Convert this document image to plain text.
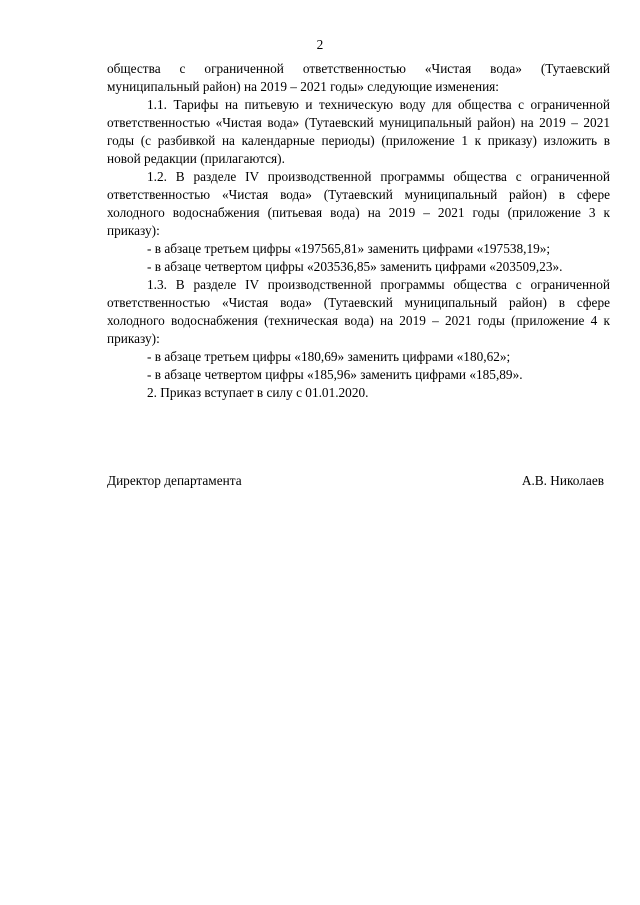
2

общества с ограниченной ответственностью «Чистая вода» (Тутаевский муниципальный район) на 2019 – 2021 годы» следующие изменения:

1.1. Тарифы на питьевую и техническую воду для общества с ограниченной ответственностью «Чистая вода» (Тутаевский муниципальный район) на 2019 – 2021 годы (с разбивкой на календарные периоды) (приложение 1 к приказу) изложить в новой редакции (прилагаются).

1.2. В разделе IV производственной программы общества с ограниченной ответственностью «Чистая вода» (Тутаевский муниципальный район) в сфере холодного водоснабжения (питьевая вода) на 2019 – 2021 годы (приложение 3 к приказу):

- в абзаце третьем цифры «197565,81» заменить цифрами «197538,19»;

- в абзаце четвертом цифры «203536,85» заменить цифрами «203509,23».

1.3. В разделе IV производственной программы общества с ограниченной ответственностью «Чистая вода» (Тутаевский муниципальный район) в сфере холодного водоснабжения (техническая вода) на 2019 – 2021 годы (приложение 4 к приказу):

- в абзаце третьем цифры «180,69» заменить цифрами «180,62»;

- в абзаце четвертом цифры «185,96» заменить цифрами «185,89».

2. Приказ вступает в силу с 01.01.2020.

Директор департамента	А.В. Николаев
